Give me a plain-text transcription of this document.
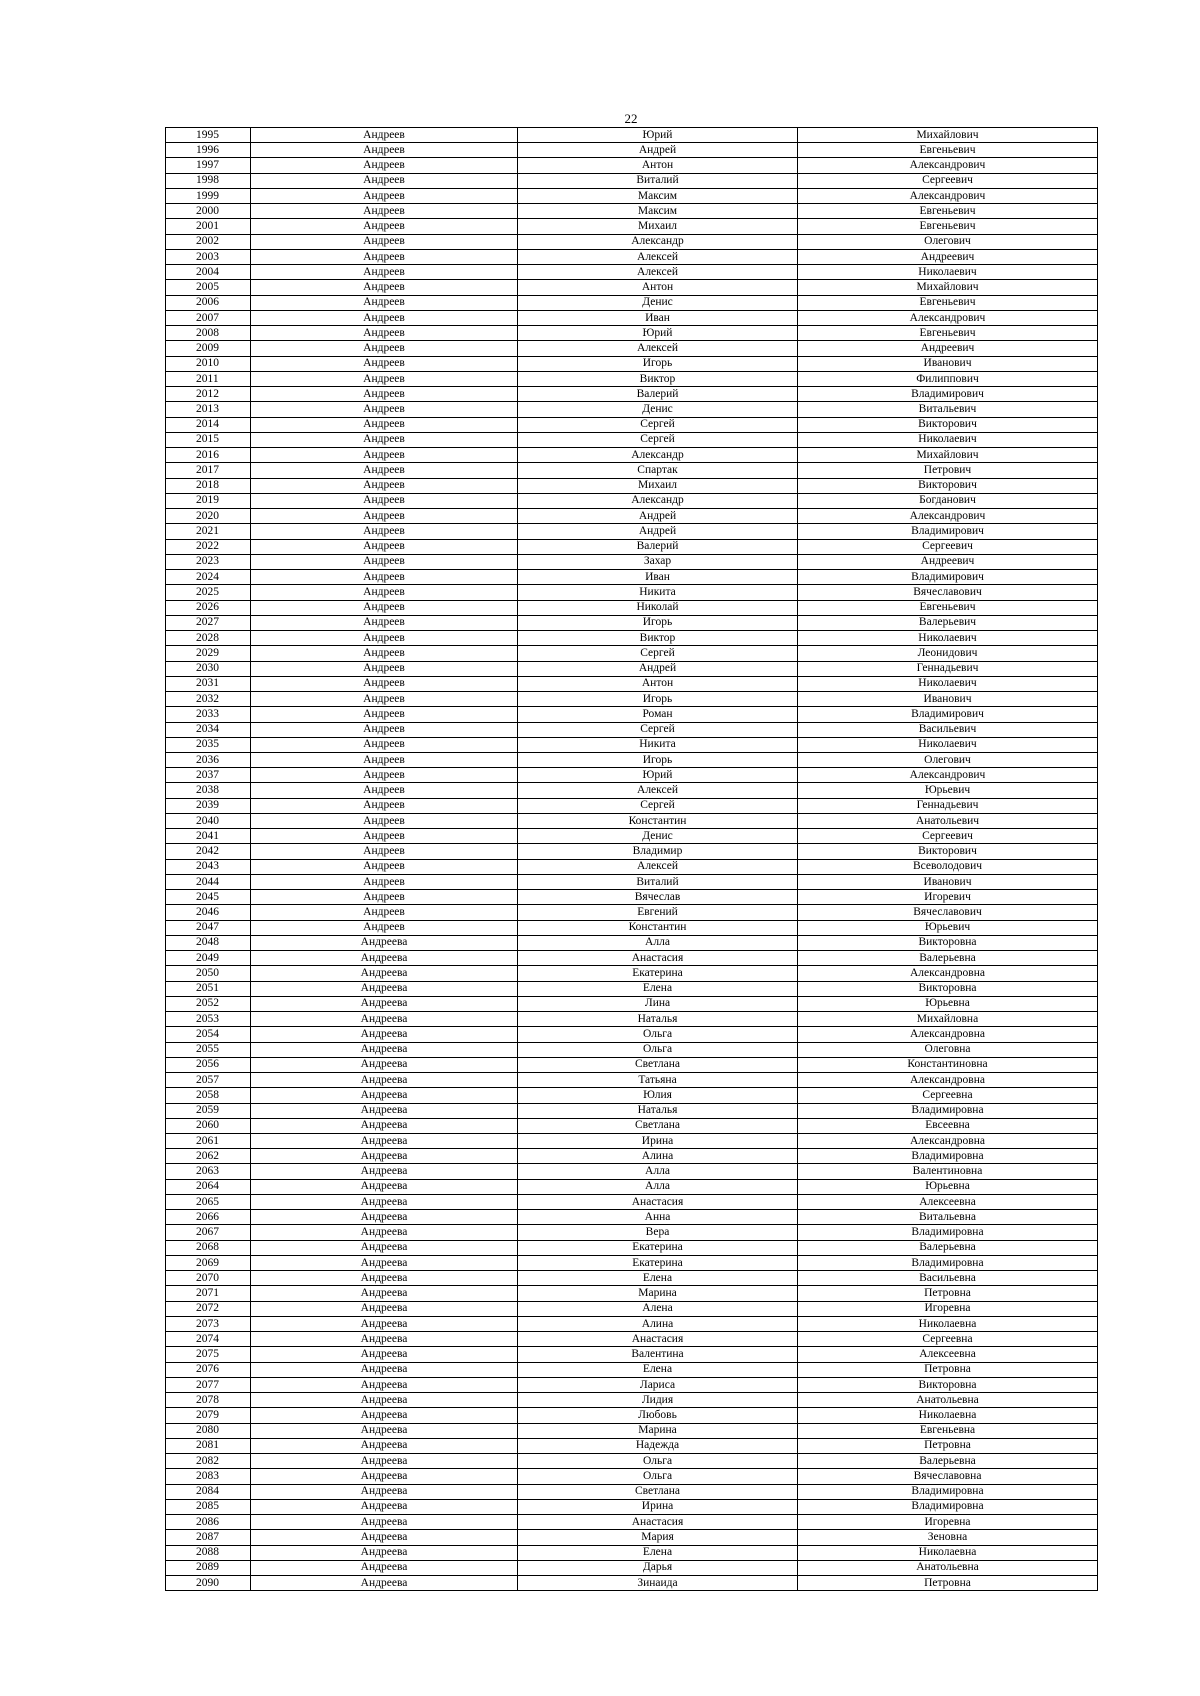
22
1995	Андреев	Юрий	Михайлович
1996	Андреев	Андрей	Евгеньевич
1997	Андреев	Антон	Александрович
1998	Андреев	Виталий	Сергеевич
1999	Андреев	Максим	Александрович
2000	Андреев	Максим	Евгеньевич
2001	Андреев	Михаил	Евгеньевич
2002	Андреев	Александр	Олегович
2003	Андреев	Алексей	Андреевич
2004	Андреев	Алексей	Николаевич
2005	Андреев	Антон	Михайлович
2006	Андреев	Денис	Евгеньевич
2007	Андреев	Иван	Александрович
2008	Андреев	Юрий	Евгеньевич
2009	Андреев	Алексей	Андреевич
2010	Андреев	Игорь	Иванович
2011	Андреев	Виктор	Филиппович
2012	Андреев	Валерий	Владимирович
2013	Андреев	Денис	Витальевич
2014	Андреев	Сергей	Викторович
2015	Андреев	Сергей	Николаевич
2016	Андреев	Александр	Михайлович
2017	Андреев	Спартак	Петрович
2018	Андреев	Михаил	Викторович
2019	Андреев	Александр	Богданович
2020	Андреев	Андрей	Александрович
2021	Андреев	Андрей	Владимирович
2022	Андреев	Валерий	Сергеевич
2023	Андреев	Захар	Андреевич
2024	Андреев	Иван	Владимирович
2025	Андреев	Никита	Вячеславович
2026	Андреев	Николай	Евгеньевич
2027	Андреев	Игорь	Валерьевич
2028	Андреев	Виктор	Николаевич
2029	Андреев	Сергей	Леонидович
2030	Андреев	Андрей	Геннадьевич
2031	Андреев	Антон	Николаевич
2032	Андреев	Игорь	Иванович
2033	Андреев	Роман	Владимирович
2034	Андреев	Сергей	Васильевич
2035	Андреев	Никита	Николаевич
2036	Андреев	Игорь	Олегович
2037	Андреев	Юрий	Александрович
2038	Андреев	Алексей	Юрьевич
2039	Андреев	Сергей	Геннадьевич
2040	Андреев	Константин	Анатольевич
2041	Андреев	Денис	Сергеевич
2042	Андреев	Владимир	Викторович
2043	Андреев	Алексей	Всеволодович
2044	Андреев	Виталий	Иванович
2045	Андреев	Вячеслав	Игоревич
2046	Андреев	Евгений	Вячеславович
2047	Андреев	Константин	Юрьевич
2048	Андреева	Алла	Викторовна
2049	Андреева	Анастасия	Валерьевна
2050	Андреева	Екатерина	Александровна
2051	Андреева	Елена	Викторовна
2052	Андреева	Лина	Юрьевна
2053	Андреева	Наталья	Михайловна
2054	Андреева	Ольга	Александровна
2055	Андреева	Ольга	Олеговна
2056	Андреева	Светлана	Константиновна
2057	Андреева	Татьяна	Александровна
2058	Андреева	Юлия	Сергеевна
2059	Андреева	Наталья	Владимировна
2060	Андреева	Светлана	Евсеевна
2061	Андреева	Ирина	Александровна
2062	Андреева	Алина	Владимировна
2063	Андреева	Алла	Валентиновна
2064	Андреева	Алла	Юрьевна
2065	Андреева	Анастасия	Алексеевна
2066	Андреева	Анна	Витальевна
2067	Андреева	Вера	Владимировна
2068	Андреева	Екатерина	Валерьевна
2069	Андреева	Екатерина	Владимировна
2070	Андреева	Елена	Васильевна
2071	Андреева	Марина	Петровна
2072	Андреева	Алена	Игоревна
2073	Андреева	Алина	Николаевна
2074	Андреева	Анастасия	Сергеевна
2075	Андреева	Валентина	Алексеевна
2076	Андреева	Елена	Петровна
2077	Андреева	Лариса	Викторовна
2078	Андреева	Лидия	Анатольевна
2079	Андреева	Любовь	Николаевна
2080	Андреева	Марина	Евгеньевна
2081	Андреева	Надежда	Петровна
2082	Андреева	Ольга	Валерьевна
2083	Андреева	Ольга	Вячеславовна
2084	Андреева	Светлана	Владимировна
2085	Андреева	Ирина	Владимировна
2086	Андреева	Анастасия	Игоревна
2087	Андреева	Мария	Зеновна
2088	Андреева	Елена	Николаевна
2089	Андреева	Дарья	Анатольевна
2090	Андреева	Зинаида	Петровна
